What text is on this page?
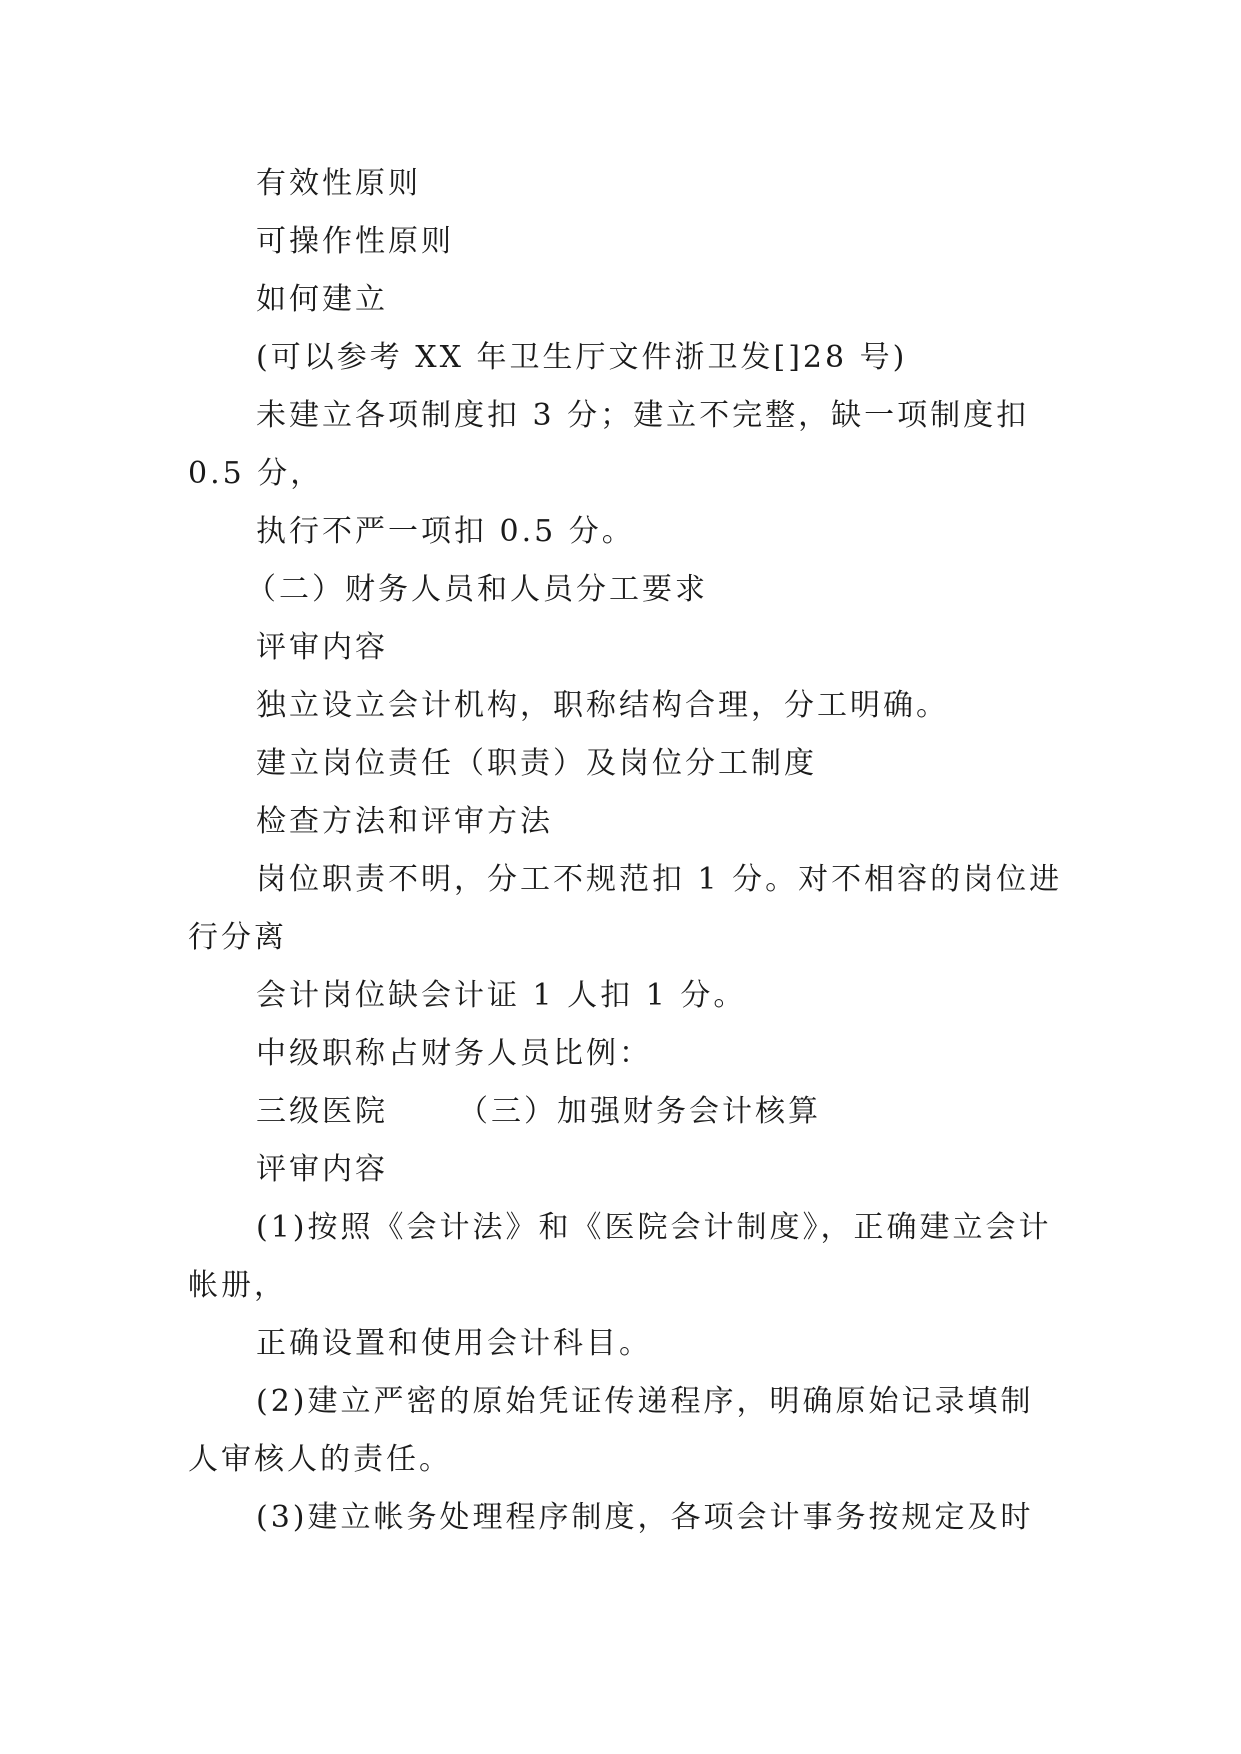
有效性原则
可操作性原则
如何建立
(可以参考 XX 年卫生厅文件浙卫发[]28 号)
未建立各项制度扣 3 分；建立不完整，缺一项制度扣
0.5 分，
执行不严一项扣 0.5 分。
（二）财务人员和人员分工要求
评审内容
独立设立会计机构，职称结构合理，分工明确。
建立岗位责任（职责）及岗位分工制度
检查方法和评审方法
岗位职责不明，分工不规范扣 1 分。对不相容的岗位进
行分离
会计岗位缺会计证 1 人扣 1 分。
中级职称占财务人员比例：
三级医院 （三）加强财务会计核算
评审内容
(1)按照《会计法》和《医院会计制度》，正确建立会计
帐册，
正确设置和使用会计科目。
(2)建立严密的原始凭证传递程序，明确原始记录填制
人审核人的责任。
(3)建立帐务处理程序制度，各项会计事务按规定及时
